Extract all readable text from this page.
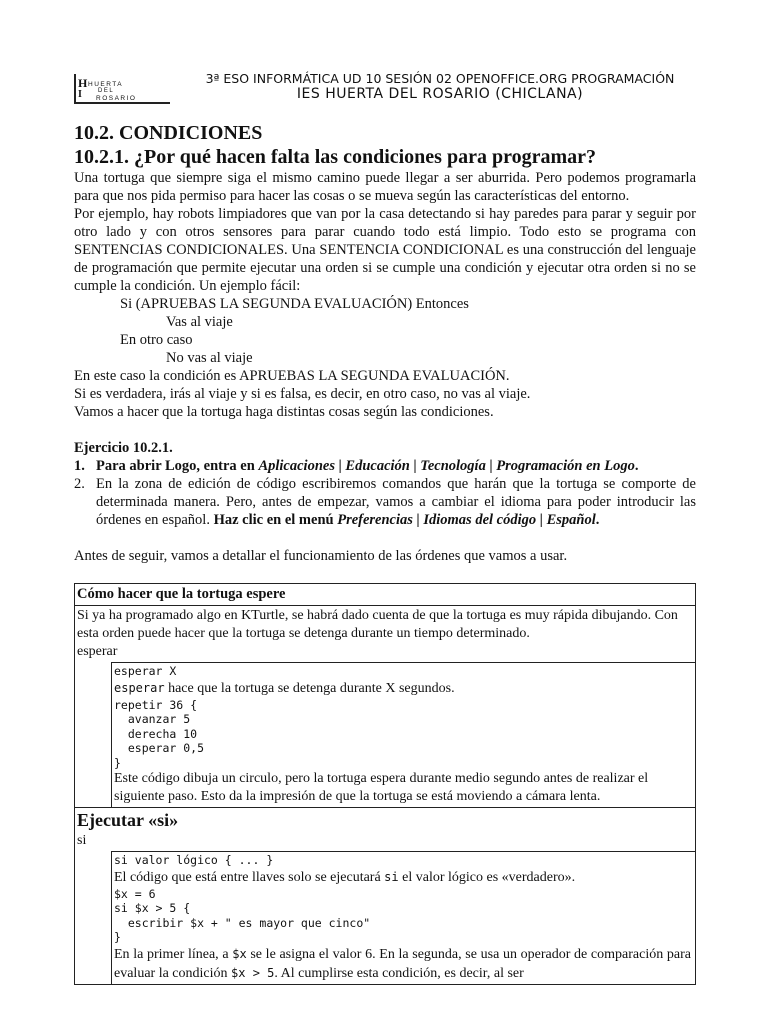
H HUERTA
I	DEL
ROSARIO
3ª ESO INFORMÁTICA UD 10 SESIÓN 02 OPENOFFICE.ORG PROGRAMACIÓN
IES HUERTA DEL ROSARIO (CHICLANA)
10.2. CONDICIONES
10.2.1. ¿Por qué hacen falta las condiciones para programar?

Una tortuga que siempre siga el mismo camino puede llegar a ser aburrida. Pero podemos programarla para que nos pida permiso para hacer las cosas o se mueva según las características del entorno.

Por ejemplo, hay robots limpiadores que van por la casa detectando si hay paredes para parar y seguir por otro lado y con otros sensores para parar cuando todo está limpio. Todo esto se programa con SENTENCIAS CONDICIONALES. Una SENTENCIA CONDICIONAL es una construcción del lenguaje de programación que permite ejecutar una orden si se cumple una condición y ejecutar otra orden si no se cumple la condición. Un ejemplo fácil:

Si (APRUEBAS LA SEGUNDA EVALUACIÓN) Entonces

Vas al viaje

En otro caso

No vas al viaje

En este caso la condición es APRUEBAS LA SEGUNDA EVALUACIÓN.

Si es verdadera, irás al viaje y si es falsa, es decir, en otro caso, no vas al viaje.

Vamos a hacer que la tortuga haga distintas cosas según las condiciones.

Ejercicio 10.2.1.
1. Para abrir Logo, entra en Aplicaciones | Educación | Tecnología | Programación en Logo.
2. En la zona de edición de código escribiremos comandos que harán que la tortuga se comporte de determinada manera. Pero, antes de empezar, vamos a cambiar el idioma para poder introducir las órdenes en español. Haz clic en el menú Preferencias | Idiomas del código | Español.

Antes de seguir, vamos a detallar el funcionamiento de las órdenes que vamos a usar.

Cómo hacer que la tortuga espere
Si ya ha programado algo en KTurtle, se habrá dado cuenta de que la tortuga es muy rápida dibujando. Con esta orden puede hacer que la tortuga se detenga durante un tiempo determinado.
esperar
esperar X
esperar hace que la tortuga se detenga durante X segundos.
repetir 36 {
avanzar 5
derecha 10
esperar 0,5
}
Este código dibuja un circulo, pero la tortuga espera durante medio segundo antes de realizar el siguiente paso. Esto da la impresión de que la tortuga se está moviendo a cámara lenta.
Ejecutar «si»
si
si valor lógico { ... }
El código que está entre llaves solo se ejecutará si el valor lógico es «verdadero».
$x = 6
si $x > 5 {
escribir $x + " es mayor que cinco"
}
En la primer línea, a $x se le asigna el valor 6. En la segunda, se usa un operador de comparación para evaluar la condición $x > 5. Al cumplirse esta condición, es decir, al ser
